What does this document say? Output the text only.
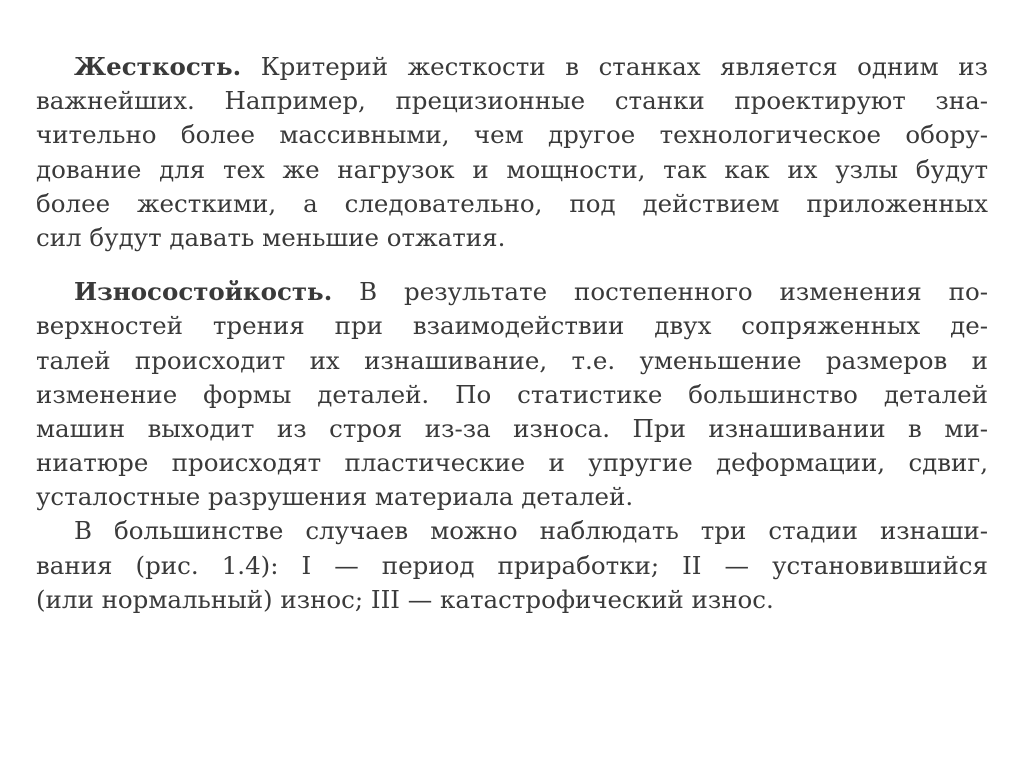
Жесткость. Критерий жесткости в станках является одним из
важнейших. Например, прецизионные станки проектируют зна-
чительно более массивными, чем другое технологическое обору-
дование для тех же нагрузок и мощности, так как их узлы будут
более жесткими, а следовательно, под действием приложенных
сил будут давать меньшие отжатия.
Износостойкость. В результате постепенного изменения по-
верхностей трения при взаимодействии двух сопряженных де-
талей происходит их изнашивание, т.е. уменьшение размеров и
изменение формы деталей. По статистике большинство деталей
машин выходит из строя из-за износа. При изнашивании в ми-
ниатюре происходят пластические и упругие деформации, сдвиг,
усталостные разрушения материала деталей.
В большинстве случаев можно наблюдать три стадии изнаши-
вания (рис. 1.4): I — период приработки; II — установившийся
(или нормальный) износ; III — катастрофический износ.
